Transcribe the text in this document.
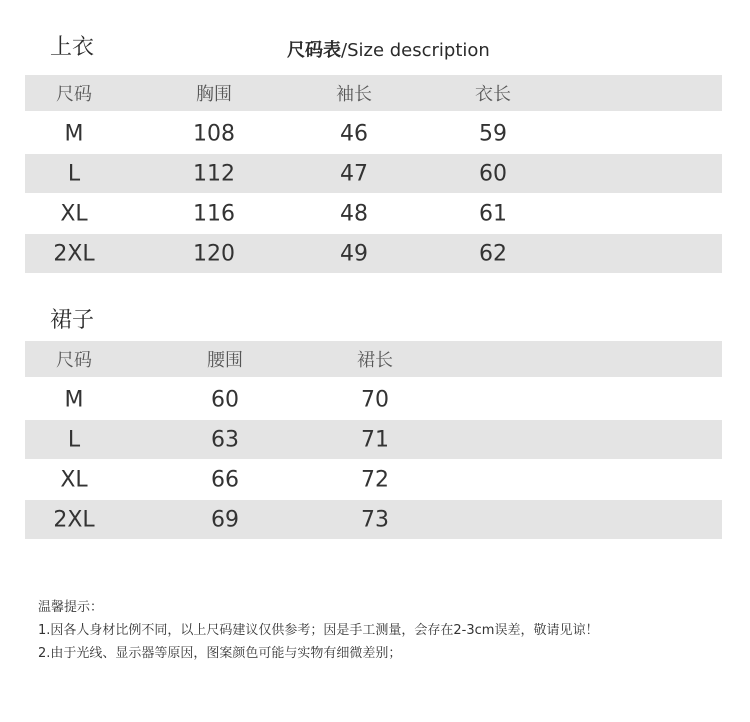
上衣	尺码表/Size description
尺码	胸围	袖长	衣长
M	108	46	59
L	112	47	60
XL	116	48	61
2XL	120	49	62
裙子
尺码	腰围	裙长
M	60	70
L	63	71
XL	66	72
2XL	69	73
温馨提示：
1.因各人身材比例不同，以上尺码建议仅供参考；因是手工测量，会存在2-3cm误差，敬请见谅！
2.由于光线、显示器等原因，图案颜色可能与实物有细微差别；
